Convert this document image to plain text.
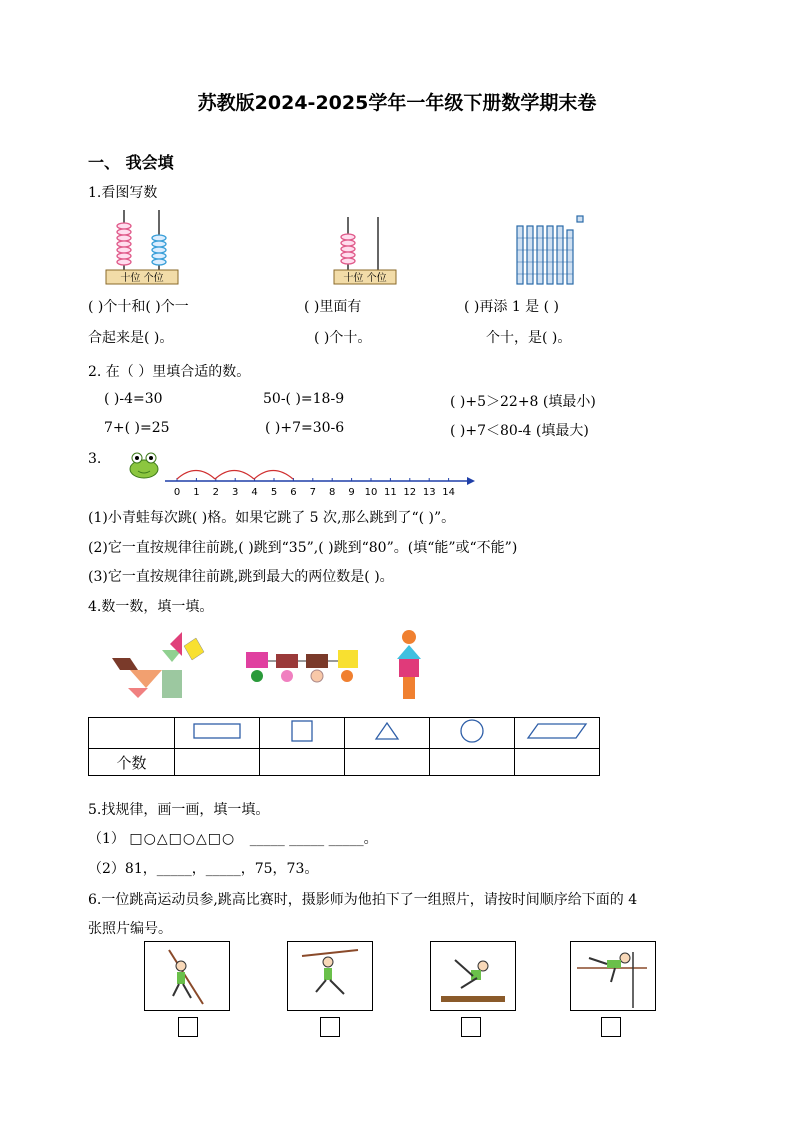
苏教版2024-2025学年一年级下册数学期末卷
一、 我会填
1.看图写数
十位 个位	十位 个位
( )个十和( )个一
合起来是( )。
( )里面有
( )个十。
( )再添 1 是 ( )
个十，是( )。
2. 在（ ）里填合适的数。
( )-4=30	50-( )=18-9	( )+5＞22+8 (填最小)
7+( )=25	( )+7=30-6	( )+7＜80-4 (填最大)
3.
0 1 2 3 4 5 6 7 8 9 10 11 12 13 14
(1)小青蛙每次跳( )格。如果它跳了 5 次,那么跳到了“( )”。
(2)它一直按规律往前跳,( )跳到“35”,( )跳到“80”。(填“能”或“不能”)
(3)它一直按规律往前跳,跳到最大的两位数是( )。
4.数一数，填一填。

个数					
5.找规律，画一画，填一填。
（1） □○△□○△□○ _____ _____ _____。
（2）81，_____，_____，75，73。
6.一位跳高运动员参,跳高比赛时，摄影师为他拍下了一组照片，请按时间顺序给下面的 4
张照片编号。
